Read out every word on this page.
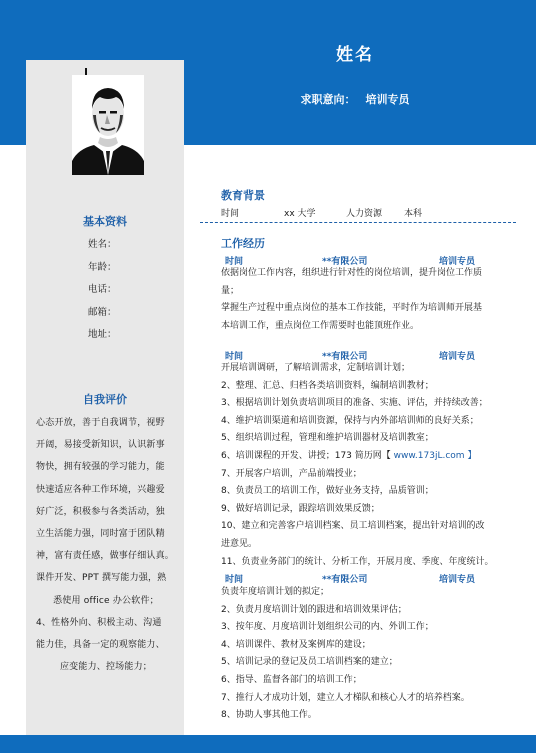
姓名
求职意向： 培训专员
基本资料
姓名：
年龄：
电话：
邮箱：
地址：
自我评价
心态开放，善于自我调节，视野
开阔，易接受新知识，认识新事
物快，拥有较强的学习能力，能
快速适应各种工作环境，兴趣爱
好广泛，积极参与各类活动，独
立生活能力强，同时富于团队精
神，富有责任感，做事仔细认真。
课件开发、PPT 撰写能力强，熟
悉使用 office 办公软件；
4、性格外向、积极主动、沟通
能力佳，具备一定的观察能力、
应变能力、控场能力；
教育背景
时间	xx 大学	人力资源 本科
工作经历
时间	**有限公司	培训专员
依据岗位工作内容，组织进行针对性的岗位培训，提升岗位工作质
量；
掌握生产过程中重点岗位的基本工作技能，平时作为培训师开展基
本培训工作，重点岗位工作需要时也能顶班作业。
时间	**有限公司	培训专员
开展培训调研，了解培训需求，定制培训计划；
2、整理、汇总、归档各类培训资料，编制培训教材；
3、根据培训计划负责培训项目的准备、实施、评估，并持续改善；
4、维护培训渠道和培训资源，保持与内外部培训师的良好关系；
5、组织培训过程，管理和维护培训器材及培训教室；
6、培训课程的开发、讲授；173 简历网【 www.173jL.com 】
7、开展客户培训，产品前端授业；
8、负责员工的培训工作，做好业务支持，品质管训；
9、做好培训记录，跟踪培训效果反馈；
10、建立和完善客户培训档案、员工培训档案，提出针对培训的改
进意见。
11、负责业务部门的统计、分析工作，开展月度、季度、年度统计。
时间	**有限公司	培训专员
负责年度培训计划的拟定；
2、负责月度培训计划的跟进和培训效果评估；
3、按年度、月度培训计划组织公司的内、外训工作；
4、培训课件、教材及案例库的建设；
5、培训记录的登记及员工培训档案的建立；
6、指导、监督各部门的培训工作；
7、推行人才成功计划，建立人才梯队和核心人才的培养档案。
8、协助人事其他工作。
